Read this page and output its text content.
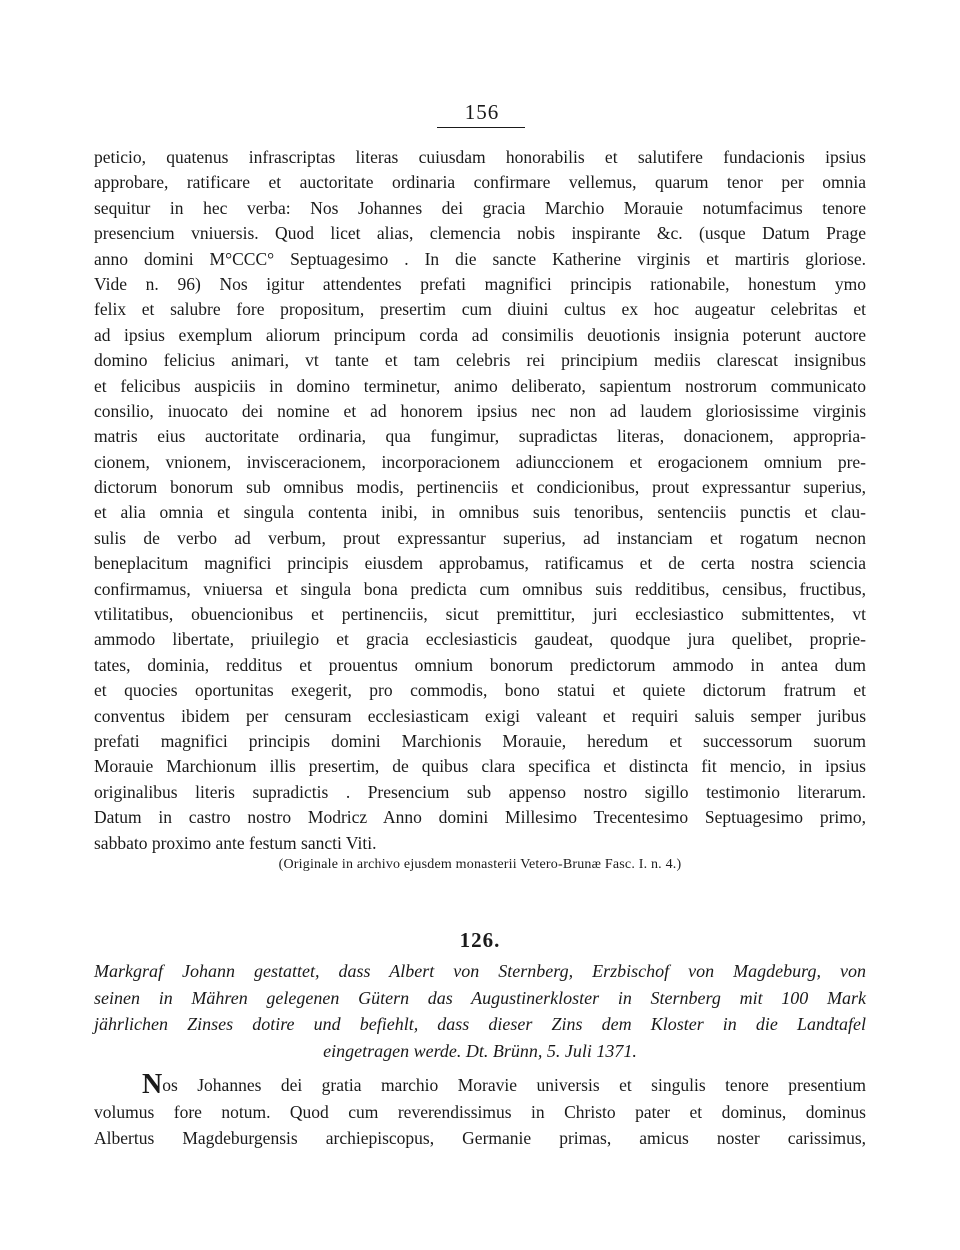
156
peticio, quatenus infrascriptas literas cuiusdam honorabilis et salutifere fundacionis ipsius
approbare, ratificare et auctoritate ordinaria confirmare vellemus, quarum tenor per omnia
sequitur in hec verba: Nos Johannes dei gracia Marchio Morauie notumfacimus tenore
presencium vniuersis. Quod licet alias, clemencia nobis inspirante &c. (usque Datum Prage
anno domini M°CCC° Septuagesimo . In die sancte Katherine virginis et martiris gloriose.
Vide n. 96) Nos igitur attendentes prefati magnifici principis rationabile, honestum ymo
felix et salubre fore propositum, presertim cum diuini cultus ex hoc augeatur celebritas et
ad ipsius exemplum aliorum principum corda ad consimilis deuotionis insignia poterunt auctore
domino felicius animari, vt tante et tam celebris rei principium mediis clarescat insignibus
et felicibus auspiciis in domino terminetur, animo deliberato, sapientum nostrorum communicato
consilio, inuocato dei nomine et ad honorem ipsius nec non ad laudem gloriosissime virginis
matris eius auctoritate ordinaria, qua fungimur, supradictas literas, donacionem, appropria-
cionem, vnionem, invisceracionem, incorporacionem adiunccionem et erogacionem omnium pre-
dictorum bonorum sub omnibus modis, pertinenciis et condicionibus, prout expressantur superius,
et alia omnia et singula contenta inibi, in omnibus suis tenoribus, sentenciis punctis et clau-
sulis de verbo ad verbum, prout expressantur superius, ad instanciam et rogatum necnon
beneplacitum magnifici principis eiusdem approbamus, ratificamus et de certa nostra sciencia
confirmamus, vniuersa et singula bona predicta cum omnibus suis redditibus, censibus, fructibus,
vtilitatibus, obuencionibus et pertinenciis, sicut premittitur, juri ecclesiastico submittentes, vt
ammodo libertate, priuilegio et gracia ecclesiasticis gaudeat, quodque jura quelibet, proprie-
tates, dominia, redditus et prouentus omnium bonorum predictorum ammodo in antea dum
et quocies oportunitas exegerit, pro commodis, bono statui et quiete dictorum fratrum et
conventus ibidem per censuram ecclesiasticam exigi valeant et requiri saluis semper juribus
prefati magnifici principis domini Marchionis Morauie, heredum et successorum suorum
Morauie Marchionum illis presertim, de quibus clara specifica et distincta fit mencio, in ipsius
originalibus literis supradictis . Presencium sub appenso nostro sigillo testimonio literarum.
Datum in castro nostro Modricz Anno domini Millesimo Trecentesimo Septuagesimo primo,
sabbato proximo ante festum sancti Viti.
(Originale in archivo ejusdem monasterii Vetero-Brunæ Fasc. I. n. 4.)
126.
Markgraf Johann gestattet, dass Albert von Sternberg, Erzbischof von Magdeburg, von
seinen in Mähren gelegenen Gütern das Augustinerkloster in Sternberg mit 100 Mark
jährlichen Zinses dotire und befiehlt, dass dieser Zins dem Kloster in die Landtafel
eingetragen werde. Dt. Brünn, 5. Juli 1371.
Nos Johannes dei gratia marchio Moravie universis et singulis tenore presentium
volumus fore notum. Quod cum reverendissimus in Christo pater et dominus, dominus
Albertus Magdeburgensis archiepiscopus, Germanie primas, amicus noster carissimus,
